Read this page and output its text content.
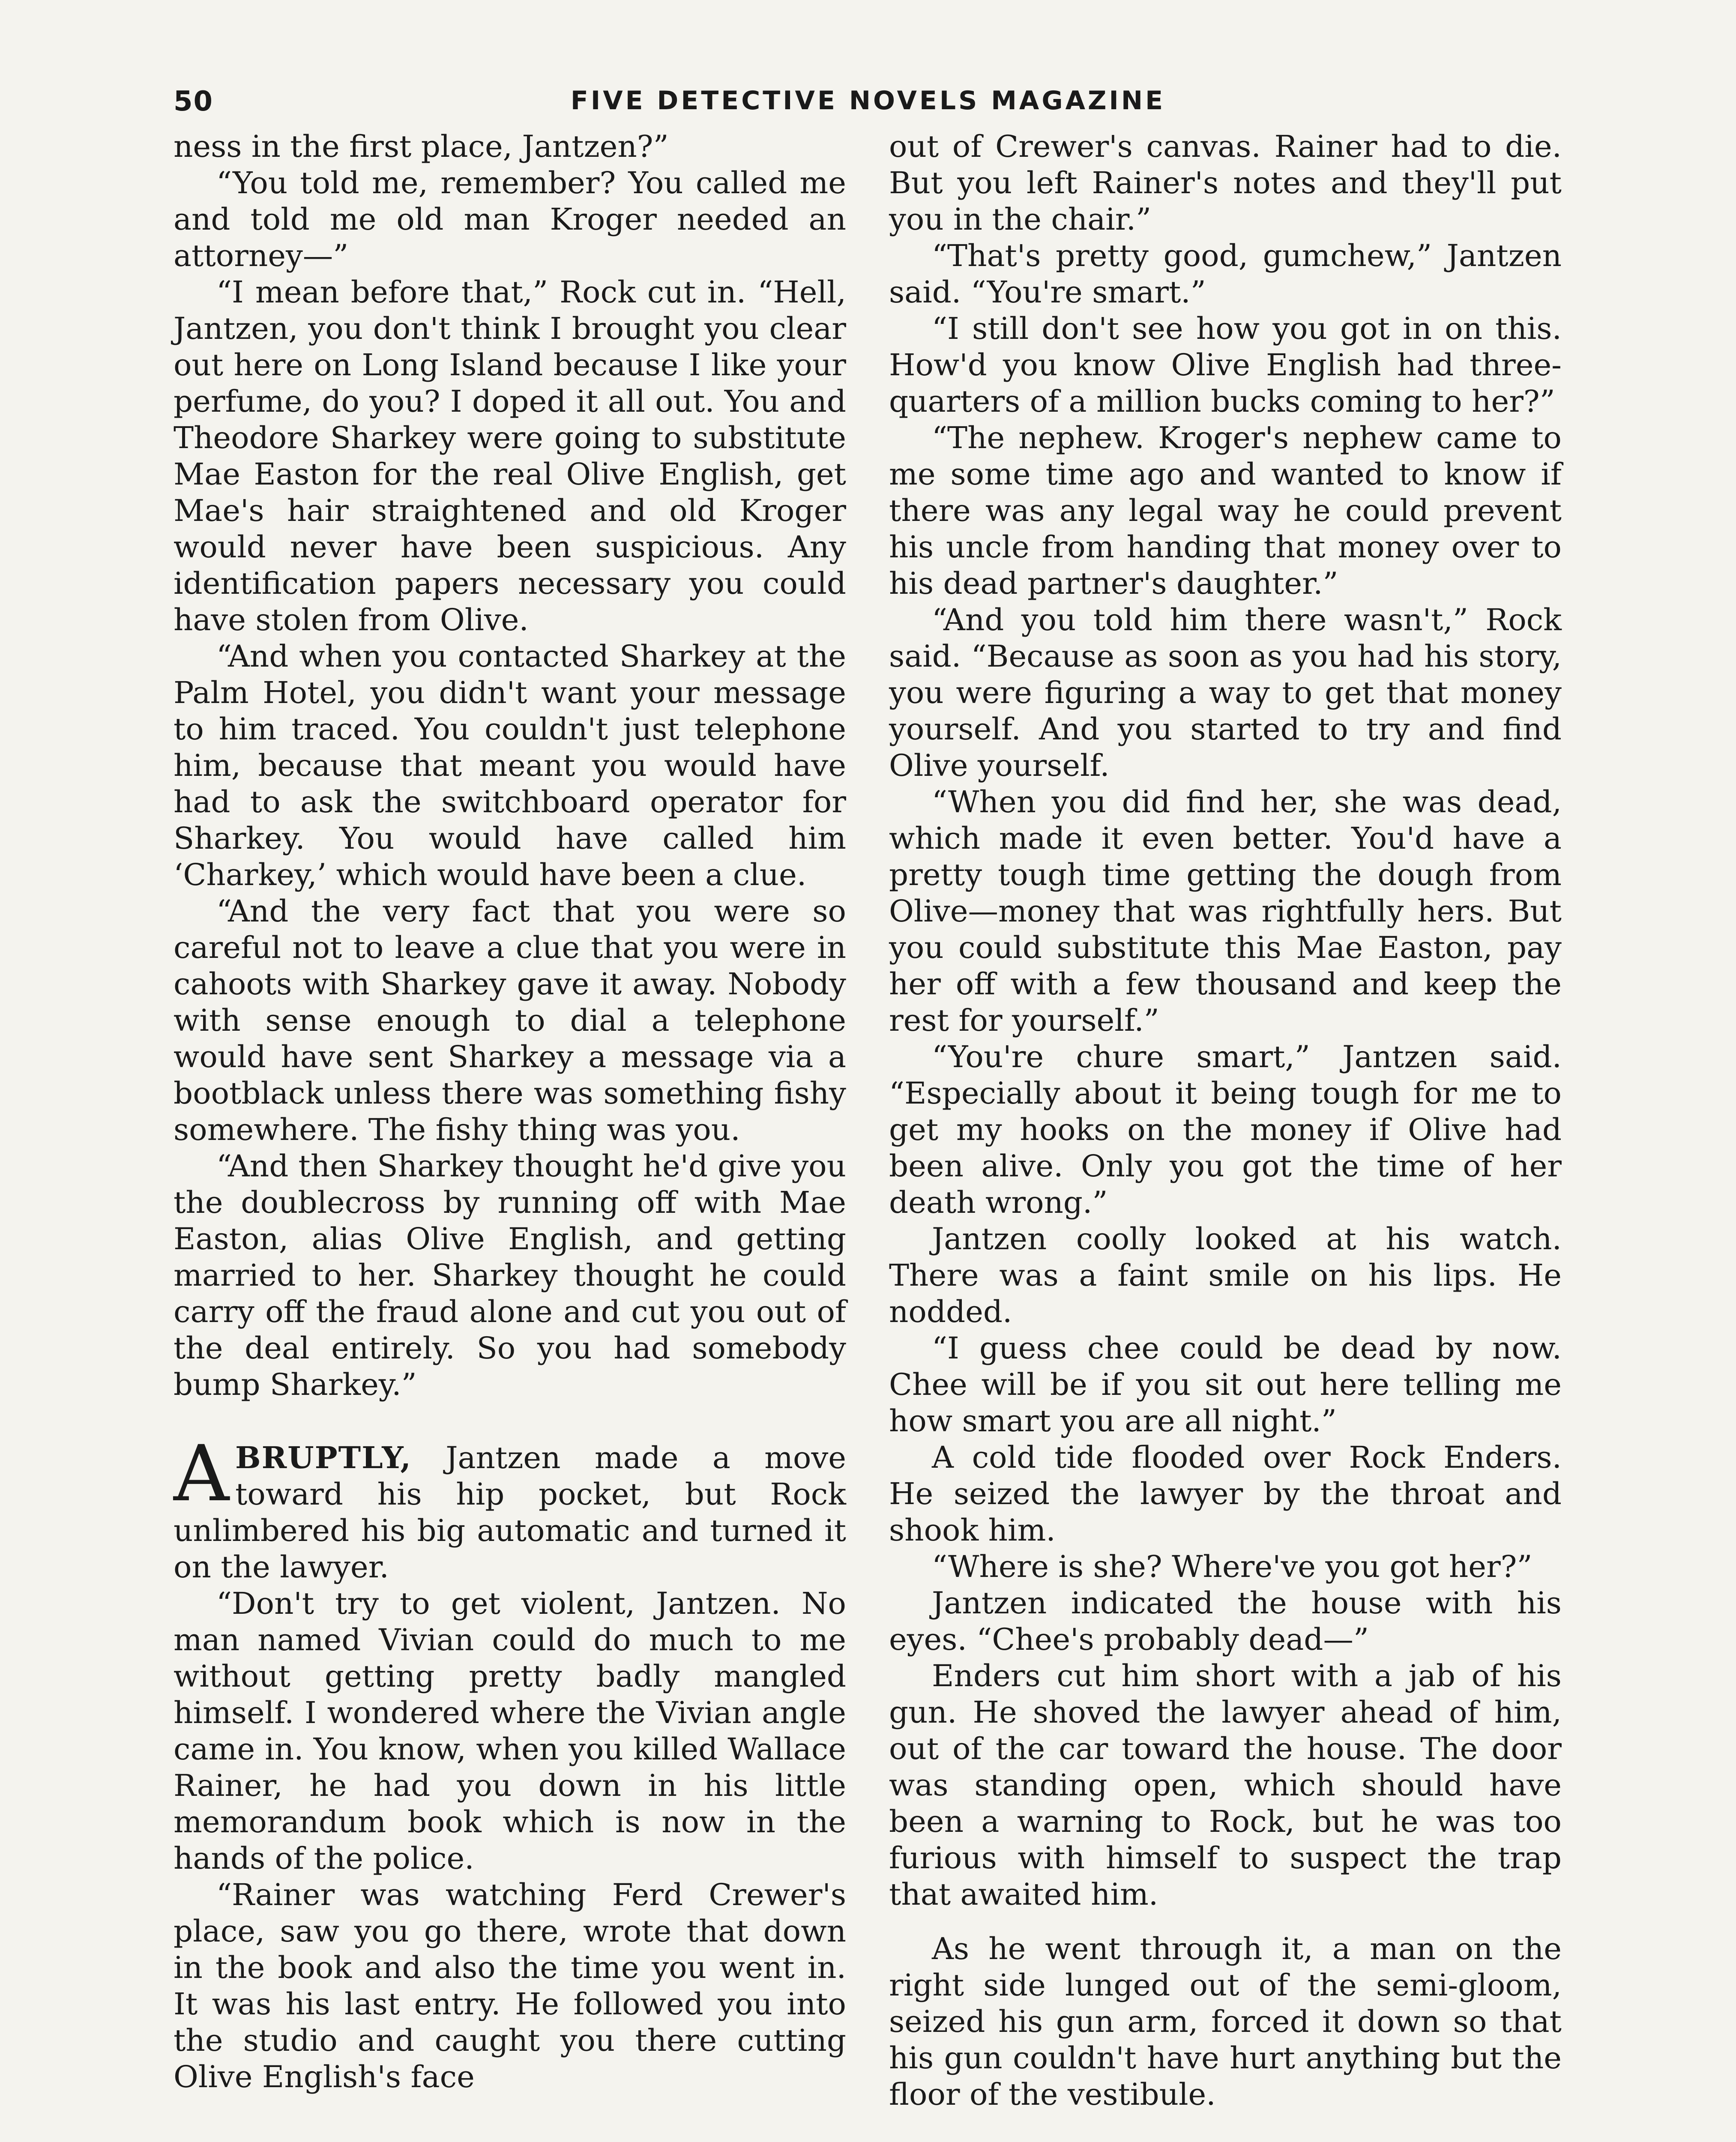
50	FIVE DETECTIVE NOVELS MAGAZINE

ness in the first place, Jantzen?”

“You told me, remember? You called me and told me old man Kroger needed an attorney—”

“I mean before that,” Rock cut in. “Hell, Jantzen, you don't think I brought you clear out here on Long Island because I like your perfume, do you? I doped it all out. You and Theodore Sharkey were going to substitute Mae Easton for the real Olive English, get Mae's hair straightened and old Kroger would never have been suspicious. Any identification papers necessary you could have stolen from Olive.

“And when you contacted Sharkey at the Palm Hotel, you didn't want your message to him traced. You couldn't just telephone him, because that meant you would have had to ask the switchboard operator for Sharkey. You would have called him ‘Charkey,’ which would have been a clue.

“And the very fact that you were so careful not to leave a clue that you were in cahoots with Sharkey gave it away. Nobody with sense enough to dial a telephone would have sent Sharkey a message via a bootblack unless there was something fishy somewhere. The fishy thing was you.

“And then Sharkey thought he'd give you the doublecross by running off with Mae Easton, alias Olive English, and getting married to her. Sharkey thought he could carry off the fraud alone and cut you out of the deal entirely. So you had somebody bump Sharkey.”

ABRUPTLY, Jantzen made a move toward his hip pocket, but Rock unlimbered his big automatic and turned it on the lawyer.

“Don't try to get violent, Jantzen. No man named Vivian could do much to me without getting pretty badly mangled himself. I wondered where the Vivian angle came in. You know, when you killed Wallace Rainer, he had you down in his little memorandum book which is now in the hands of the police.

“Rainer was watching Ferd Crewer's place, saw you go there, wrote that down in the book and also the time you went in. It was his last entry. He followed you into the studio and caught you there cutting Olive English's face

out of Crewer's canvas. Rainer had to die. But you left Rainer's notes and they'll put you in the chair.”

“That's pretty good, gumchew,” Jantzen said. “You're smart.”

“I still don't see how you got in on this. How'd you know Olive English had three-quarters of a million bucks coming to her?”

“The nephew. Kroger's nephew came to me some time ago and wanted to know if there was any legal way he could prevent his uncle from handing that money over to his dead partner's daughter.”

“And you told him there wasn't,” Rock said. “Because as soon as you had his story, you were figuring a way to get that money yourself. And you started to try and find Olive yourself.

“When you did find her, she was dead, which made it even better. You'd have a pretty tough time getting the dough from Olive—money that was rightfully hers. But you could substitute this Mae Easton, pay her off with a few thousand and keep the rest for yourself.”

“You're chure smart,” Jantzen said. “Especially about it being tough for me to get my hooks on the money if Olive had been alive. Only you got the time of her death wrong.”

Jantzen coolly looked at his watch. There was a faint smile on his lips. He nodded.

“I guess chee could be dead by now. Chee will be if you sit out here telling me how smart you are all night.”

A cold tide flooded over Rock Enders. He seized the lawyer by the throat and shook him.

“Where is she? Where've you got her?”

Jantzen indicated the house with his eyes. “Chee's probably dead—”

Enders cut him short with a jab of his gun. He shoved the lawyer ahead of him, out of the car toward the house. The door was standing open, which should have been a warning to Rock, but he was too furious with himself to suspect the trap that awaited him.

As he went through it, a man on the right side lunged out of the semi-gloom, seized his gun arm, forced it down so that his gun couldn't have hurt anything but the floor of the vestibule.
